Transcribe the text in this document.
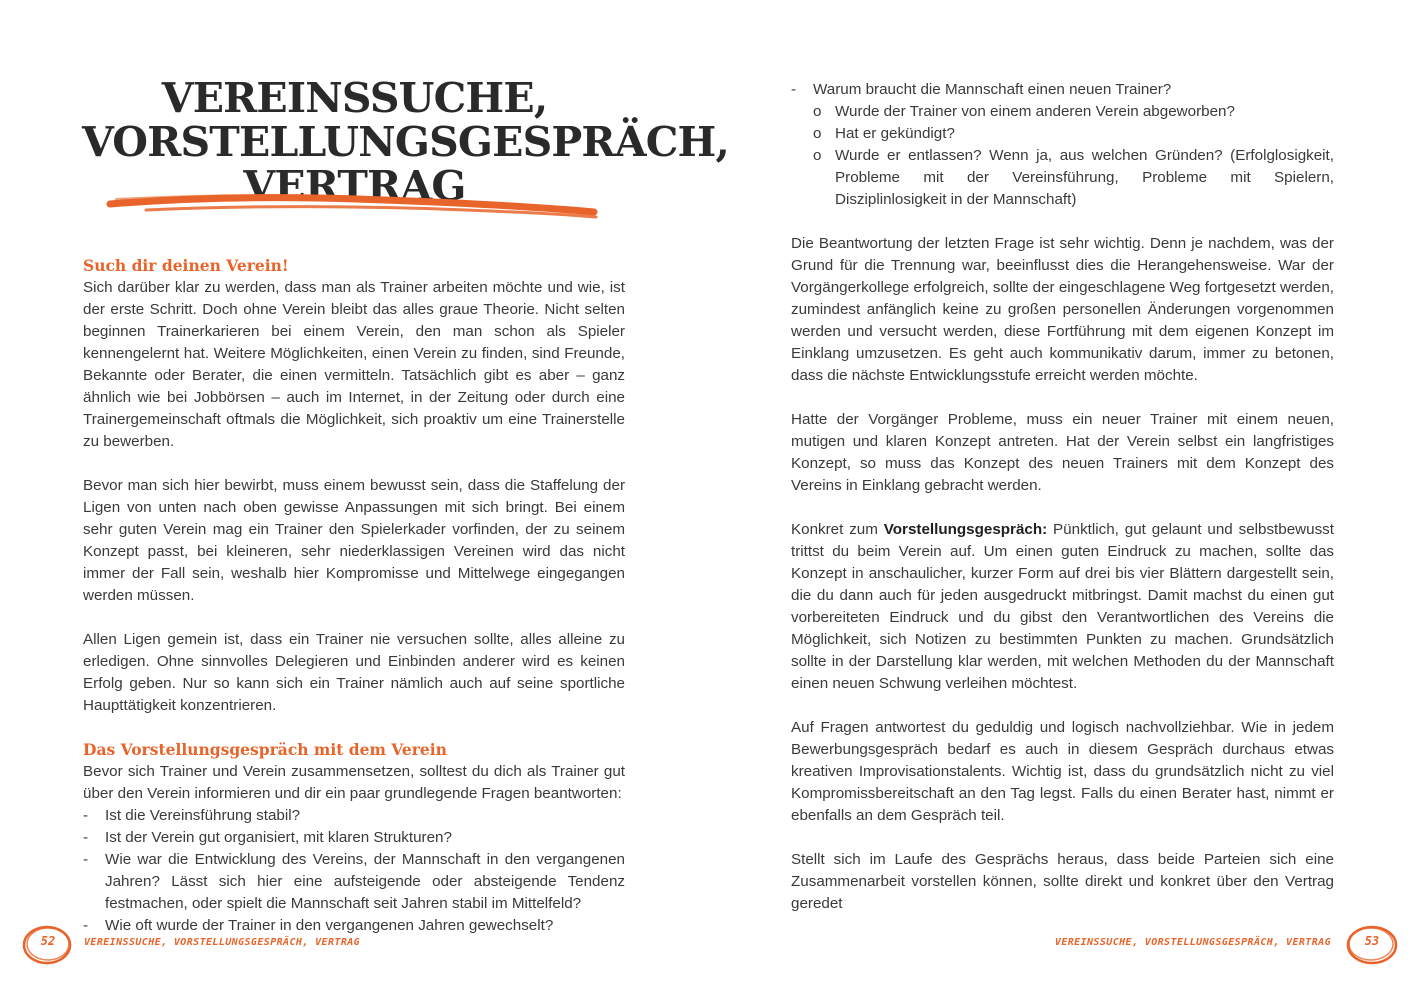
VEREINSSUCHE,
VORSTELLUNGSGESPRÄCH,
VERTRAG

Such dir deinen Verein!

Sich darüber klar zu werden, dass man als Trainer arbeiten möchte und wie, ist der erste Schritt. Doch ohne Verein bleibt das alles graue Theorie. Nicht selten beginnen Trainerkarieren bei einem Verein, den man schon als Spieler kennengelernt hat. Weitere Möglichkeiten, einen Verein zu finden, sind Freunde, Bekannte oder Berater, die einen vermitteln. Tatsächlich gibt es aber – ganz ähnlich wie bei Jobbörsen – auch im Internet, in der Zeitung oder durch eine Trainergemeinschaft oftmals die Möglichkeit, sich proaktiv um eine Trainerstelle zu bewerben.

Bevor man sich hier bewirbt, muss einem bewusst sein, dass die Staffelung der Ligen von unten nach oben gewisse Anpassungen mit sich bringt. Bei einem sehr guten Verein mag ein Trainer den Spielerkader vorfinden, der zu seinem Konzept passt, bei kleineren, sehr niederklassigen Vereinen wird das nicht immer der Fall sein, weshalb hier Kompromisse und Mittelwege eingegangen werden müssen.

Allen Ligen gemein ist, dass ein Trainer nie versuchen sollte, alles alleine zu erledigen. Ohne sinnvolles Delegieren und Einbinden anderer wird es keinen Erfolg geben. Nur so kann sich ein Trainer nämlich auch auf seine sportliche Haupttätigkeit konzentrieren.

Das Vorstellungsgespräch mit dem Verein

Bevor sich Trainer und Verein zusammensetzen, solltest du dich als Trainer gut über den Verein informieren und dir ein paar grundlegende Fragen beantworten:

- Ist die Vereinsführung stabil?
- Ist der Verein gut organisiert, mit klaren Strukturen?
- Wie war die Entwicklung des Vereins, der Mannschaft in den vergangenen Jahren? Lässt sich hier eine aufsteigende oder absteigende Tendenz festmachen, oder spielt die Mannschaft seit Jahren stabil im Mittelfeld?
- Wie oft wurde der Trainer in den vergangenen Jahren gewechselt?
52	VEREINSSUCHE, VORSTELLUNGSGESPRÄCH, VERTRAG
- Warum braucht die Mannschaft einen neuen Trainer?
o Wurde der Trainer von einem anderen Verein abgeworben?
o Hat er gekündigt?
o Wurde er entlassen? Wenn ja, aus welchen Gründen? (Erfolglosigkeit, Probleme mit der Vereinsführung, Probleme mit Spielern, Disziplinlosigkeit in der Mannschaft)

Die Beantwortung der letzten Frage ist sehr wichtig. Denn je nachdem, was der Grund für die Trennung war, beeinflusst dies die Herangehensweise. War der Vorgängerkollege erfolgreich, sollte der eingeschlagene Weg fortgesetzt werden, zumindest anfänglich keine zu großen personellen Änderungen vorgenommen werden und versucht werden, diese Fortführung mit dem eigenen Konzept im Einklang umzusetzen. Es geht auch kommunikativ darum, immer zu betonen, dass die nächste Entwicklungsstufe erreicht werden möchte.

Hatte der Vorgänger Probleme, muss ein neuer Trainer mit einem neuen, mutigen und klaren Konzept antreten. Hat der Verein selbst ein langfristiges Konzept, so muss das Konzept des neuen Trainers mit dem Konzept des Vereins in Einklang gebracht werden.

Konkret zum Vorstellungsgespräch: Pünktlich, gut gelaunt und selbstbewusst trittst du beim Verein auf. Um einen guten Eindruck zu machen, sollte das Konzept in anschaulicher, kurzer Form auf drei bis vier Blättern dargestellt sein, die du dann auch für jeden ausgedruckt mitbringst. Damit machst du einen gut vorbereiteten Eindruck und du gibst den Verantwortlichen des Vereins die Möglichkeit, sich Notizen zu bestimmten Punkten zu machen. Grundsätzlich sollte in der Darstellung klar werden, mit welchen Methoden du der Mannschaft einen neuen Schwung verleihen möchtest.

Auf Fragen antwortest du geduldig und logisch nachvollziehbar. Wie in jedem Bewerbungsgespräch bedarf es auch in diesem Gespräch durchaus etwas kreativen Improvisationstalents. Wichtig ist, dass du grundsätzlich nicht zu viel Kompromissbereitschaft an den Tag legst. Falls du einen Berater hast, nimmt er ebenfalls an dem Gespräch teil.

Stellt sich im Laufe des Gesprächs heraus, dass beide Parteien sich eine Zusammenarbeit vorstellen können, sollte direkt und konkret über den Vertrag geredet

VEREINSSUCHE, VORSTELLUNGSGESPRÄCH, VERTRAG	53
